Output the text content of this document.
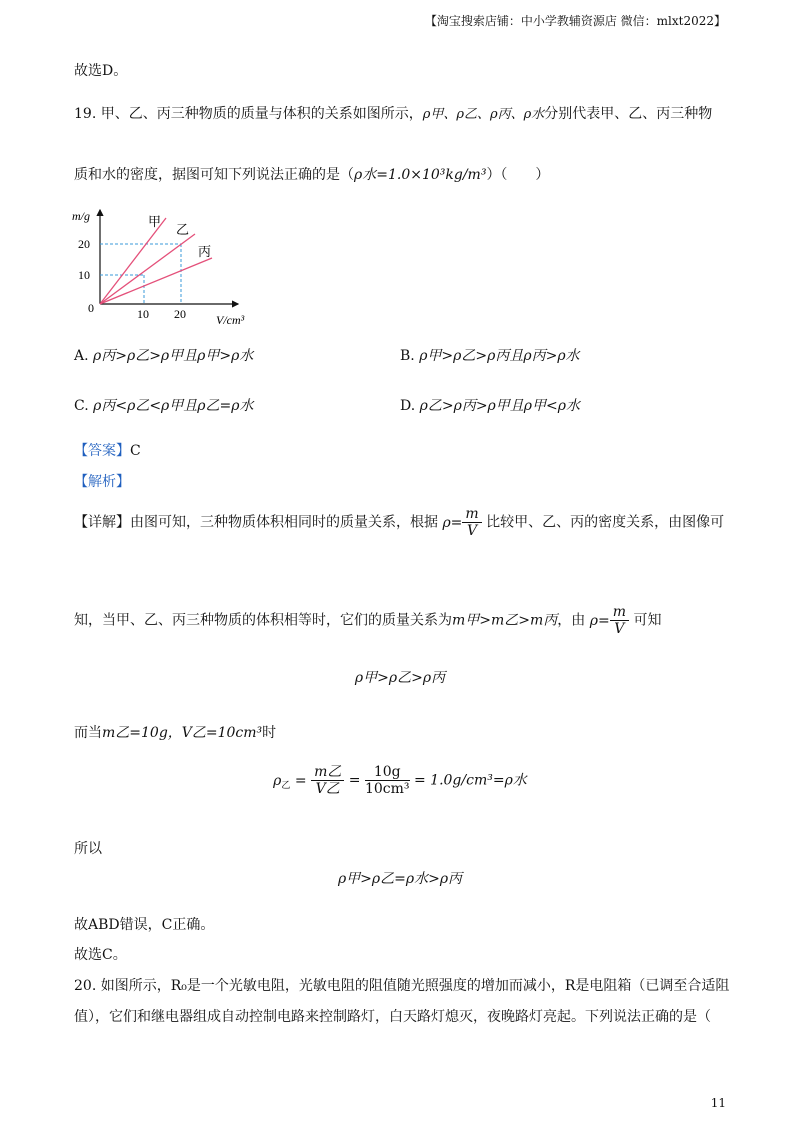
【淘宝搜索店铺：中小学教辅资源店 微信：mlxt2022】
故选D。
19. 甲、乙、丙三种物质的质量与体积的关系如图所示，ρ甲、ρ乙、ρ丙、ρ水分别代表甲、乙、丙三种物
质和水的密度，据图可知下列说法正确的是（ρ水=1.0×10³kg/m³）（　　）
m/g
20
10
0	10 20	V/cm³
甲
乙
丙
A. ρ丙>ρ乙>ρ甲且ρ甲>ρ水	B. ρ甲>ρ乙>ρ丙且ρ丙>ρ水
C. ρ丙<ρ乙<ρ甲且ρ乙=ρ水	D. ρ乙>ρ丙>ρ甲且ρ甲<ρ水
【答案】C
【解析】
【详解】由图可知，三种物质体积相同时的质量关系，根据 $\rho= \frac{m}{V}$ 比较甲、乙、丙的密度关系，由图像可
知，当甲、乙、丙三种物质的体积相等时，它们的质量关系为m甲>m乙>m丙，由 $\rho= \frac{m}{V}$ 可知
ρ甲>ρ乙>ρ丙
而当m乙=10g，V乙=10cm³时
$\rho_乙 = \frac{\text{m乙}}{\text{V乙}} = \frac{10g}{\text{10cm³}} = 1.0g/cm^3=\rho$水
所以
ρ甲>ρ乙=ρ水>ρ丙
故ABD错误，C正确。
故选C。
20. 如图所示，R₀是一个光敏电阻，光敏电阻的阻值随光照强度的增加而减小，R是电阻箱（已调至合适阻
值），它们和继电器组成自动控制电路来控制路灯，白天路灯熄灭，夜晚路灯亮起。下列说法正确的是（
11
